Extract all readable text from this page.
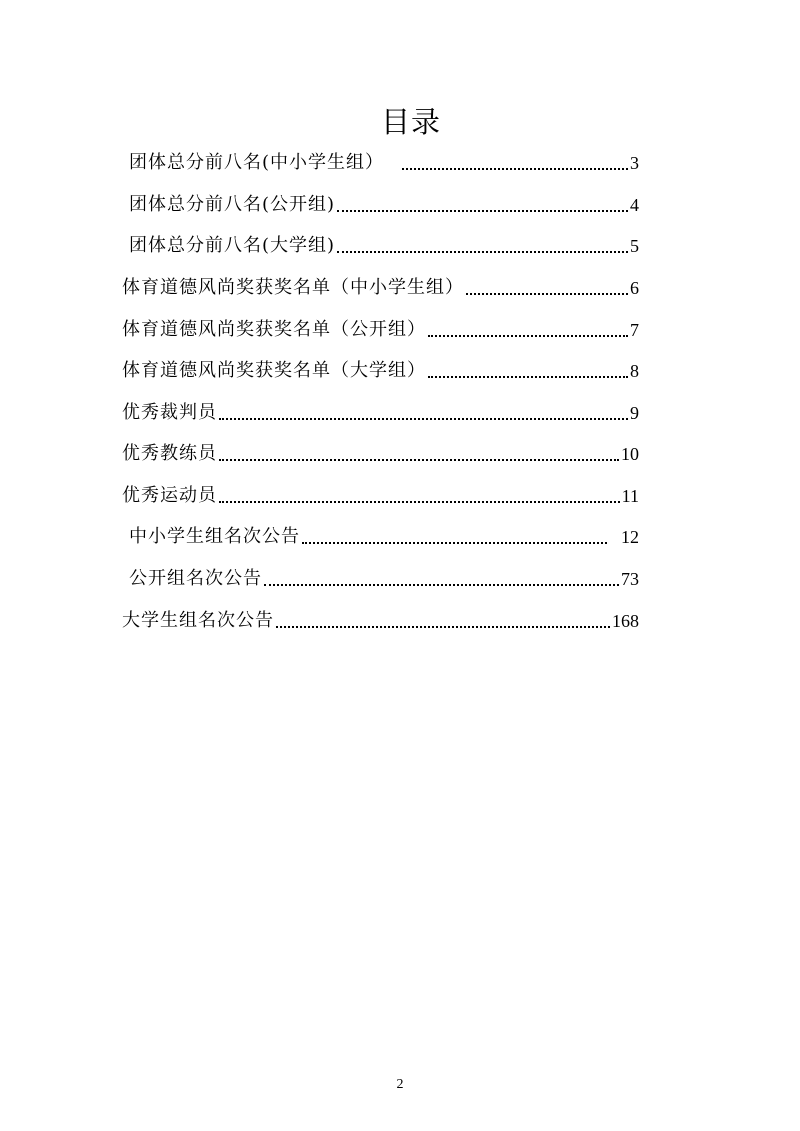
目录
团体总分前八名(中小学生组）	3
团体总分前八名(公开组)	4
团体总分前八名(大学组)	5
体育道德风尚奖获奖名单（中小学生组）	6
体育道德风尚奖获奖名单（公开组）	7
体育道德风尚奖获奖名单（大学组）	8
优秀裁判员	9
优秀教练员	10
优秀运动员	11
中小学生组名次公告	12
公开组名次公告	73
大学生组名次公告	168
2
